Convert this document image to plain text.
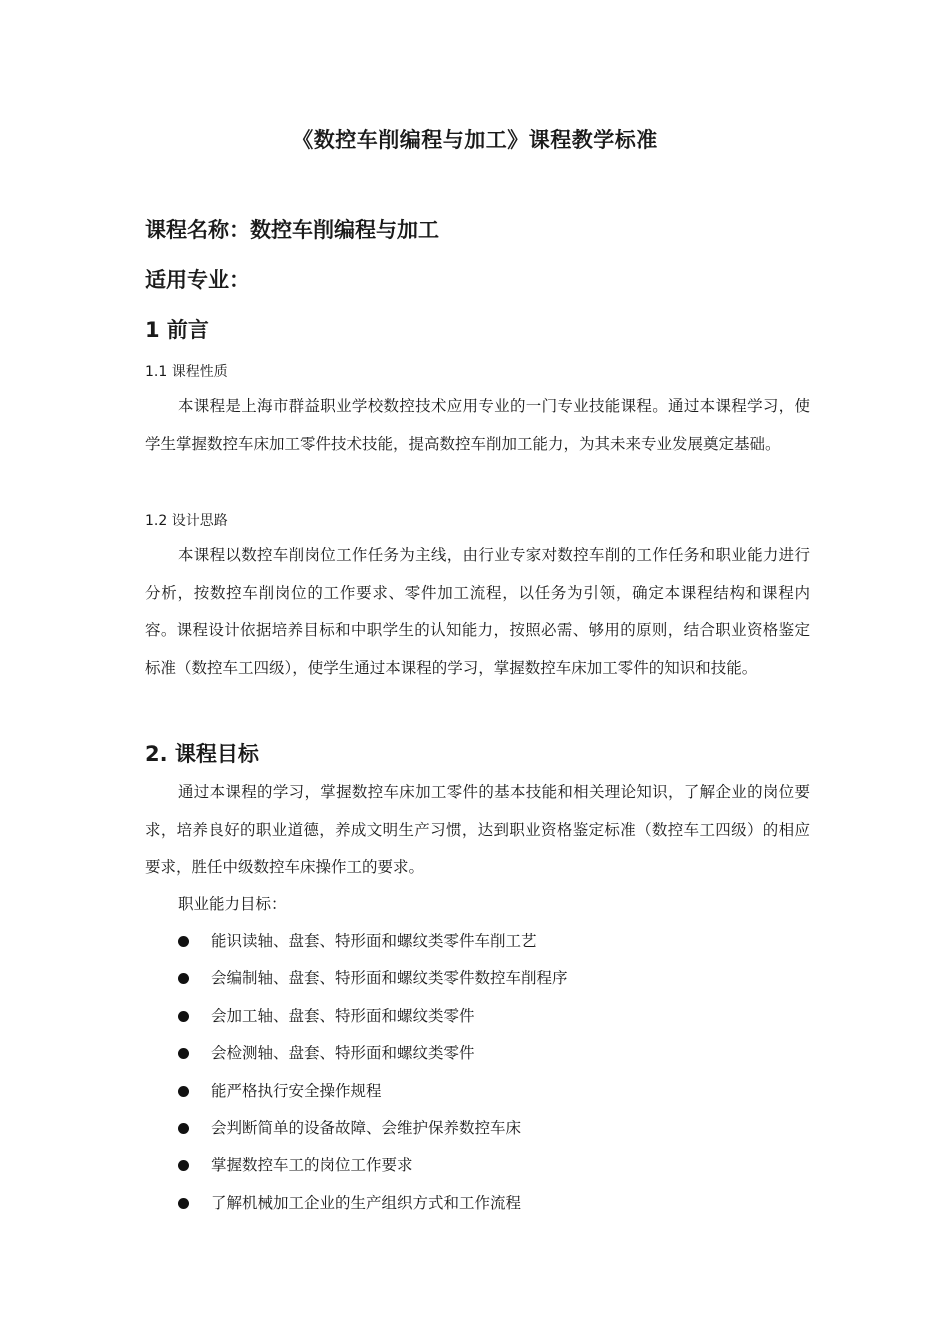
《数控车削编程与加工》课程教学标准
课程名称：数控车削编程与加工
适用专业：
1 前言
1.1 课程性质
本课程是上海市群益职业学校数控技术应用专业的一门专业技能课程。通过本课程学习，使学生掌握数控车床加工零件技术技能，提高数控车削加工能力，为其未来专业发展奠定基础。
1.2 设计思路
本课程以数控车削岗位工作任务为主线，由行业专家对数控车削的工作任务和职业能力进行分析，按数控车削岗位的工作要求、零件加工流程，以任务为引领，确定本课程结构和课程内容。课程设计依据培养目标和中职学生的认知能力，按照必需、够用的原则，结合职业资格鉴定标准（数控车工四级），使学生通过本课程的学习，掌握数控车床加工零件的知识和技能。
2. 课程目标
通过本课程的学习，掌握数控车床加工零件的基本技能和相关理论知识，了解企业的岗位要求，培养良好的职业道德，养成文明生产习惯，达到职业资格鉴定标准（数控车工四级）的相应要求，胜任中级数控车床操作工的要求。
职业能力目标：
能识读轴、盘套、特形面和螺纹类零件车削工艺
会编制轴、盘套、特形面和螺纹类零件数控车削程序
会加工轴、盘套、特形面和螺纹类零件
会检测轴、盘套、特形面和螺纹类零件
能严格执行安全操作规程
会判断简单的设备故障、会维护保养数控车床
掌握数控车工的岗位工作要求
了解机械加工企业的生产组织方式和工作流程
